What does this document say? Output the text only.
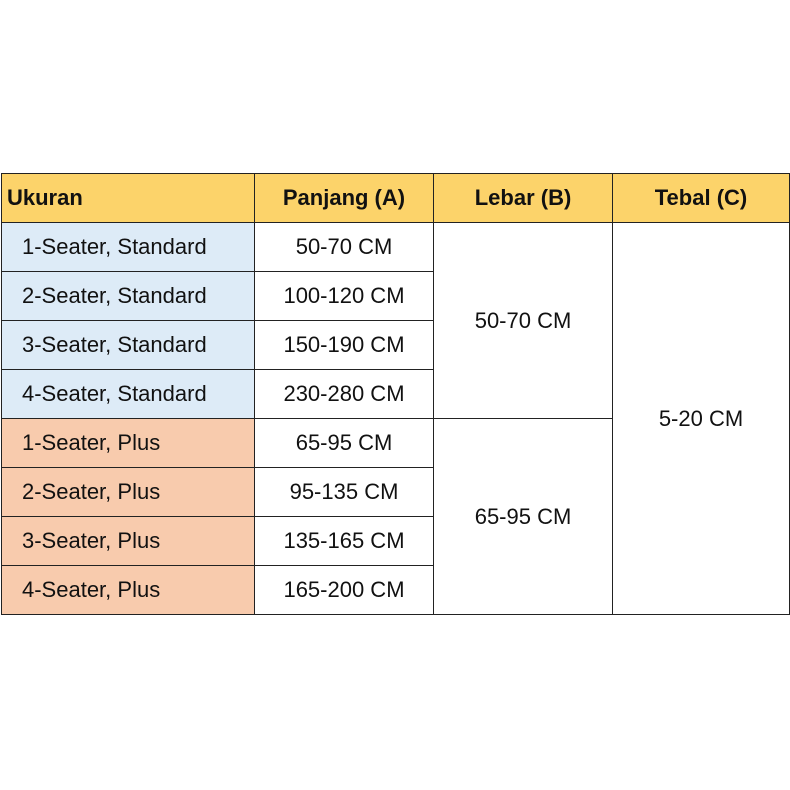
Ukuran	Panjang (A)	Lebar (B)	Tebal (C)
1-Seater, Standard	50-70 CM	50-70 CM	5-20 CM
2-Seater, Standard	100-120 CM		
3-Seater, Standard	150-190 CM		
4-Seater, Standard	230-280 CM		
1-Seater, Plus	65-95 CM	65-95 CM	
2-Seater, Plus	95-135 CM		
3-Seater, Plus	135-165 CM		
4-Seater, Plus	165-200 CM		
